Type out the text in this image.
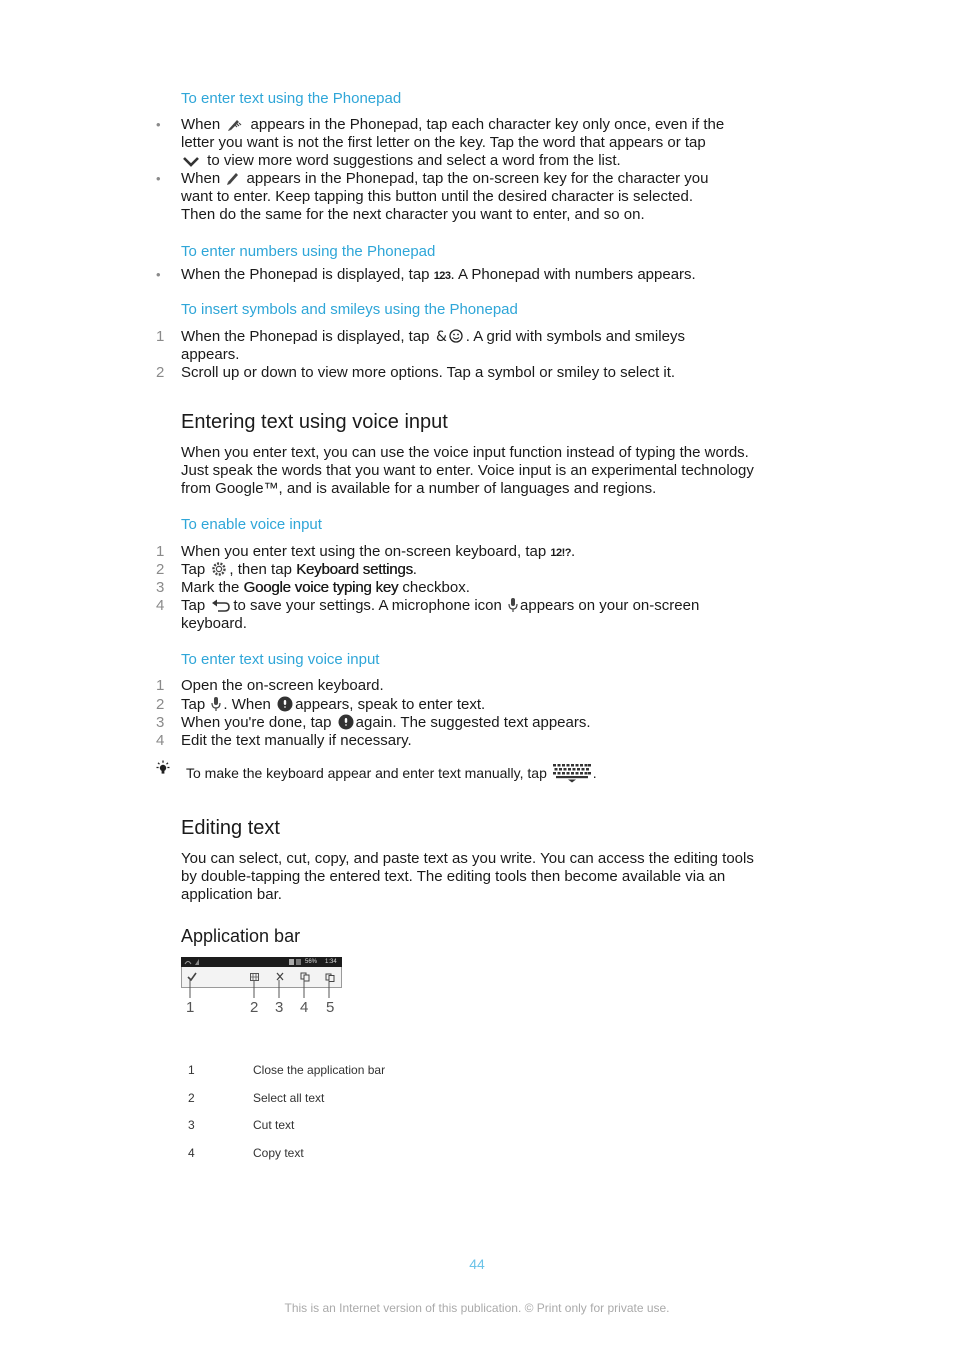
To enter text using the Phonepad
•	When appears in the Phonepad, tap each character key only once, even if the
letter you want is not the first letter on the key. Tap the word that appears or tap
to view more word suggestions and select a word from the list.
•	When appears in the Phonepad, tap the on-screen key for the character you
want to enter. Keep tapping this button until the desired character is selected.
Then do the same for the next character you want to enter, and so on.
To enter numbers using the Phonepad
•	When the Phonepad is displayed, tap 123. A Phonepad with numbers appears.
To insert symbols and smileys using the Phonepad
1	When the Phonepad is displayed, tap & . A grid with symbols and smileys
appears.
2	Scroll up or down to view more options. Tap a symbol or smiley to select it.
Entering text using voice input
When you enter text, you can use the voice input function instead of typing the words.
Just speak the words that you want to enter. Voice input is an experimental technology
from Google™, and is available for a number of languages and regions.
To enable voice input
1	When you enter text using the on-screen keyboard, tap 12!?.
2	Tap , then tap Keyboard settings.
3	Mark the Google voice typing key checkbox.
4	Tap to save your settings. A microphone icon appears on your on-screen
keyboard.
To enter text using voice input
1	Open the on-screen keyboard.
2	Tap . When appears, speak to enter text.
3	When you're done, tap again. The suggested text appears.
4	Edit the text manually if necessary.
To make the keyboard appear and enter text manually, tap	.
Editing text
You can select, cut, copy, and paste text as you write. You can access the editing tools
by double-tapping the entered text. The editing tools then become available via an
application bar.
Application bar
56% 1:34
1	2 3 4 5
1	Close the application bar
2	Select all text
3	Cut text
4	Copy text
44
This is an Internet version of this publication. © Print only for private use.
